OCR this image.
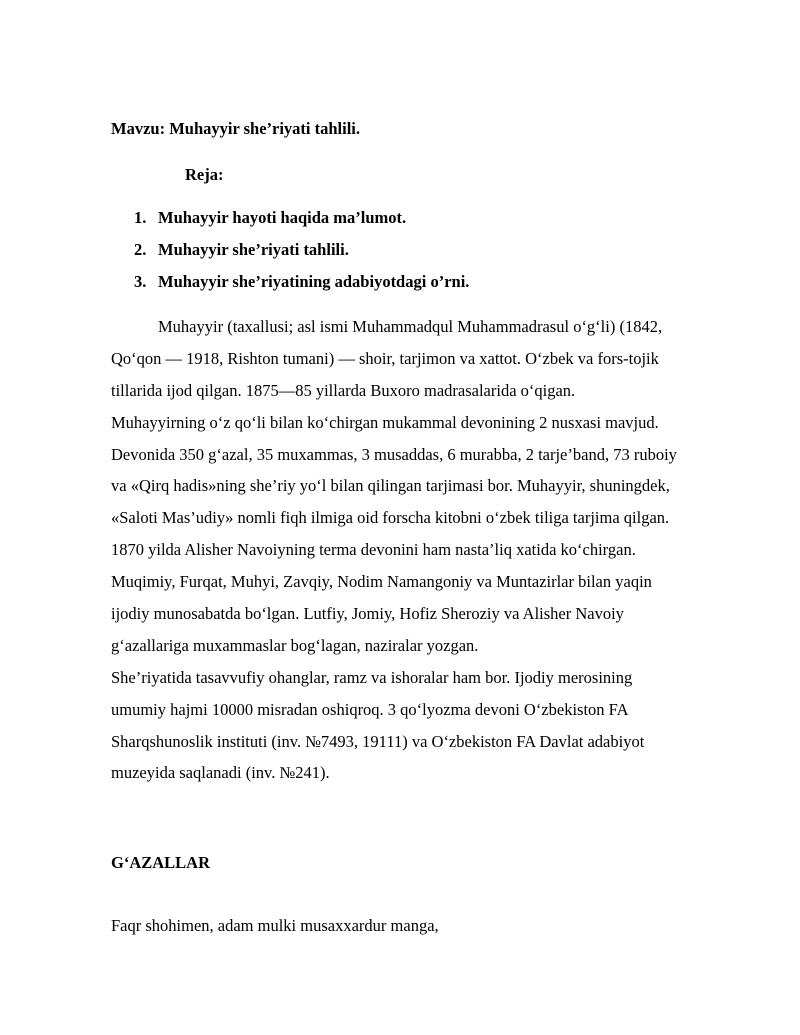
Mavzu: Muhayyir she’riyati tahlili.
Reja:
1. Muhayyir hayoti haqida ma’lumot.
2. Muhayyir she’riyati tahlili.
3. Muhayyir she’riyatining adabiyotdagi o’rni.
Muhayyir (taxallusi; asl ismi Muhammadqul Muhammadrasul oʻgʻli) (1842,
Qoʻqon — 1918, Rishton tumani) — shoir, tarjimon va xattot. Oʻzbek va fors-tojik
tillarida ijod qilgan. 1875—85 yillarda Buxoro madrasalarida oʻqigan.
Muhayyirning oʻz qoʻli bilan koʻchirgan mukammal devonining 2 nusxasi mavjud.
Devonida 350 gʻazal, 35 muxammas, 3 musaddas, 6 murabba, 2 tarje’band, 73 ruboiy
va «Qirq hadis»ning she’riy yoʻl bilan qilingan tarjimasi bor. Muhayyir, shuningdek,
«Saloti Mas’udiy» nomli fiqh ilmiga oid forscha kitobni oʻzbek tiliga tarjima qilgan.
1870 yilda Alisher Navoiyning terma devonini ham nasta’liq xatida koʻchirgan.
Muqimiy, Furqat, Muhyi, Zavqiy, Nodim Namangoniy va Muntazirlar bilan yaqin
ijodiy munosabatda boʻlgan. Lutfiy, Jomiy, Hofiz Sheroziy va Alisher Navoiy
gʻazallariga muxammaslar bogʻlagan, naziralar yozgan.
She’riyatida tasavvufiy ohanglar, ramz va ishoralar ham bor. Ijodiy merosining
umumiy hajmi 10000 misradan oshiqroq. 3 qoʻlyozma devoni Oʻzbekiston FA
Sharqshunoslik instituti (inv. №7493, 19111) va Oʻzbekiston FA Davlat adabiyot
muzeyida saqlanadi (inv. №241).
GʻAZALLAR
Faqr shohimen, adam mulki musaxxardur manga,
